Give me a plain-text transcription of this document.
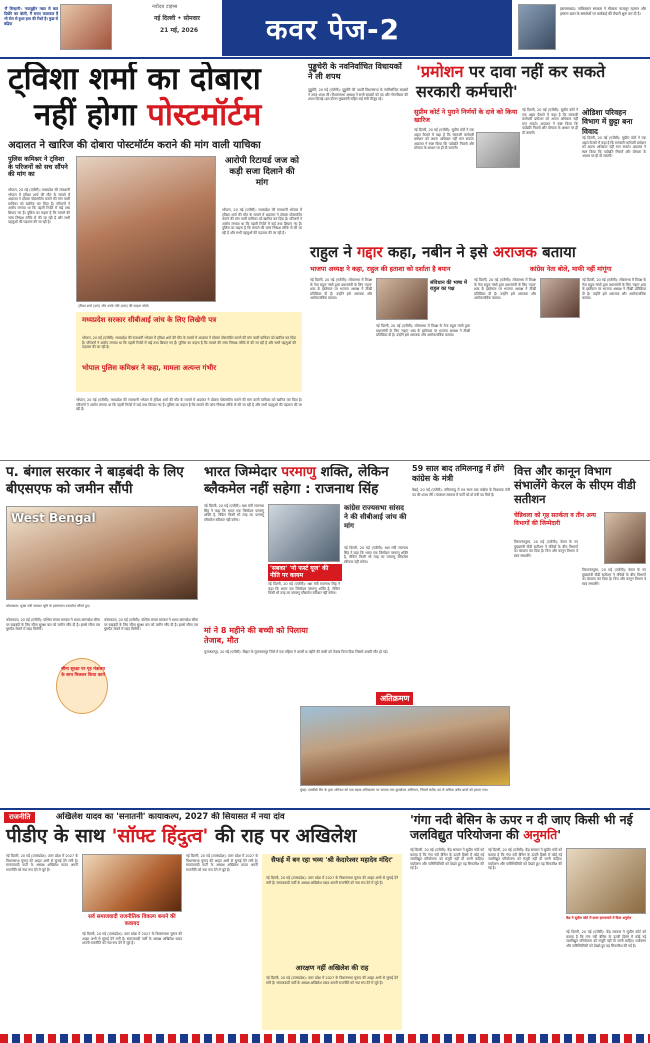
'मैं सिन्हानी': नवाजुद्दीन मन्नत से बात दिखेंगे कर बोलीं, मैं बनाए कलाकार हैं भी रोल से हुआ हाथ की रिश्ते है। कुछ से बढ़िया
नवोदय टाइम्स
नई दिल्ली • सोमवार
21 मई, 2026 कवर पेज-2
इस्लामाबाद: पाकिस्तान सरकार ने मौलाना फजलुर रहमान और इमरान खान के समर्थकों पर कार्रवाई की तैयारी शुरू कर दी है।
ट्विशा शर्मा का दोबारा
नहीं होगा पोस्टमॉर्टम
अदालत ने खारिज की दोबारा पोस्टमॉर्टम कराने की मांग वाली याचिका
पुलिस कमिश्नर ने ट्विशा के परिजनों को सच सौंपने की मांग का
भोपाल, 20 मई (एजेंसी): मध्यप्रदेश की राजधानी भोपाल में ट्विशा शर्मा की मौत के मामले में अदालत ने दोबारा पोस्टमॉर्टम कराने की मांग वाली याचिका को खारिज कर दिया है। परिजनों ने आरोप लगाया था कि पहली रिपोर्ट में कई तथ्य छिपाए गए हैं। पुलिस का कहना है कि मामले की जांच निष्पक्ष तरीके से की जा रही है और सभी पहलुओं की पड़ताल की जा रही है।
ट्विशा शर्मा (दाएं) और उनके पति (बाएं) की फाइल फोटो।
आरोपी रिटायर्ड जज को कड़ी सजा दिलाने की मांग
भोपाल, 20 मई (एजेंसी): मध्यप्रदेश की राजधानी भोपाल में ट्विशा शर्मा की मौत के मामले में अदालत ने दोबारा पोस्टमॉर्टम कराने की मांग वाली याचिका को खारिज कर दिया है। परिजनों ने आरोप लगाया था कि पहली रिपोर्ट में कई तथ्य छिपाए गए हैं। पुलिस का कहना है कि मामले की जांच निष्पक्ष तरीके से की जा रही है और सभी पहलुओं की पड़ताल की जा रही है।
मध्यप्रदेश सरकार सीबीआई जांच के लिए लिखेगी पत्र
भोपाल, 20 मई (एजेंसी): मध्यप्रदेश की राजधानी भोपाल में ट्विशा शर्मा की मौत के मामले में अदालत ने दोबारा पोस्टमॉर्टम कराने की मांग वाली याचिका को खारिज कर दिया है। परिजनों ने आरोप लगाया था कि पहली रिपोर्ट में कई तथ्य छिपाए गए हैं। पुलिस का कहना है कि मामले की जांच निष्पक्ष तरीके से की जा रही है और सभी पहलुओं की पड़ताल की जा रही है।
भोपाल पुलिस कमिश्नर ने कहा, मामला अत्यन्त गंभीर
भोपाल, 20 मई (एजेंसी): मध्यप्रदेश की राजधानी भोपाल में ट्विशा शर्मा की मौत के मामले में अदालत ने दोबारा पोस्टमॉर्टम कराने की मांग वाली याचिका को खारिज कर दिया है। परिजनों ने आरोप लगाया था कि पहली रिपोर्ट में कई तथ्य छिपाए गए हैं। पुलिस का कहना है कि मामले की जांच निष्पक्ष तरीके से की जा रही है और सभी पहलुओं की पड़ताल की जा रही है।
पुड्डुचेरी के नवनिर्वाचित विधायकों ने ली शपथ
पुड्डुचेरी, 20 मई (एजेंसी): पुड्डुचेरी की 30वीं विधानसभा के नवनिर्वाचित सदस्यों ने आज शपथ ली। विधानसभा अध्यक्ष ने सभी सदस्यों को पद और गोपनीयता की शपथ दिलाई। इस दौरान मुख्यमंत्री सहित कई मंत्री मौजूद रहे।
'प्रमोशन पर दावा नहीं कर सकते सरकारी कर्मचारी'
सुप्रीम कोर्ट ने पुराने निर्णयों के दावे को किया खारिज
नई दिल्ली, 20 मई (एजेंसी): सुप्रीम कोर्ट ने एक अहम फैसले में कहा है कि सरकारी कर्मचारी प्रमोशन को अपना अधिकार नहीं मान सकते। अदालत ने स्पष्ट किया कि पदोन्नति नियमों और योग्यता के आधार पर ही दी जाएगी।
नई दिल्ली, 20 मई (एजेंसी): सुप्रीम कोर्ट ने एक अहम फैसले में कहा है कि सरकारी कर्मचारी प्रमोशन को अपना अधिकार नहीं मान सकते। अदालत ने स्पष्ट किया कि पदोन्नति नियमों और योग्यता के आधार पर ही दी जाएगी।
ओडिशा परिवहन विभाग में छुट्टा बना विवाद
नई दिल्ली, 20 मई (एजेंसी): सुप्रीम कोर्ट ने एक अहम फैसले में कहा है कि सरकारी कर्मचारी प्रमोशन को अपना अधिकार नहीं मान सकते। अदालत ने स्पष्ट किया कि पदोन्नति नियमों और योग्यता के आधार पर ही दी जाएगी।
राहुल ने गद्दार कहा, नबीन ने इसे अराजक बताया
भाजपा अध्यक्ष ने कहा, राहुल की हताशा को दर्शाता है बयान	कांग्रेस नेता बोले, माफी नहीं मांगूंगा
नई दिल्ली, 20 मई (एजेंसी): लोकसभा में विपक्ष के नेता राहुल गांधी द्वारा प्रधानमंत्री के लिए 'गद्दार' शब्द के इस्तेमाल पर भाजपा अध्यक्ष ने तीखी प्रतिक्रिया दी है। उन्होंने इसे अराजक और अलोकतांत्रिक बताया।
संविधान की भाषा में राहुल का पक्ष
नई दिल्ली, 20 मई (एजेंसी): लोकसभा में विपक्ष के नेता राहुल गांधी द्वारा प्रधानमंत्री के लिए 'गद्दार' शब्द के इस्तेमाल पर भाजपा अध्यक्ष ने तीखी प्रतिक्रिया दी है। उन्होंने इसे अराजक और अलोकतांत्रिक बताया।
नई दिल्ली, 20 मई (एजेंसी): लोकसभा में विपक्ष के नेता राहुल गांधी द्वारा प्रधानमंत्री के लिए 'गद्दार' शब्द के इस्तेमाल पर भाजपा अध्यक्ष ने तीखी प्रतिक्रिया दी है। उन्होंने इसे अराजक और अलोकतांत्रिक बताया।
नई दिल्ली, 20 मई (एजेंसी): लोकसभा में विपक्ष के नेता राहुल गांधी द्वारा प्रधानमंत्री के लिए 'गद्दार' शब्द के इस्तेमाल पर भाजपा अध्यक्ष ने तीखी प्रतिक्रिया दी है। उन्होंने इसे अराजक और अलोकतांत्रिक बताया।
प. बंगाल सरकार ने बाड़बंदी के लिए बीएसएफ को जमीन सौंपी
West Bengal
कोलकाता: मुख्य मंत्री सरकार भूमि के हस्तांतरण दस्तावेज सौंपते हुए।
कोलकाता, 20 मई (एजेंसी): पश्चिम बंगाल सरकार ने भारत-बांग्लादेश सीमा पर बाड़बंदी के लिए सीमा सुरक्षा बल को जमीन सौंप दी है। इससे सीमा पार घुसपैठ रोकने में मदद मिलेगी।
सीमा सुरक्षा पर गृह मंत्रालय के साथ मिलकर किया कार्य
कोलकाता, 20 मई (एजेंसी): पश्चिम बंगाल सरकार ने भारत-बांग्लादेश सीमा पर बाड़बंदी के लिए सीमा सुरक्षा बल को जमीन सौंप दी है। इससे सीमा पार घुसपैठ रोकने में मदद मिलेगी।
भारत जिम्मेदार परमाणु शक्ति, लेकिन ब्लैकमेल नहीं सहेगा : राजनाथ सिंह
नई दिल्ली, 20 मई (एजेंसी): रक्षा मंत्री राजनाथ सिंह ने कहा कि भारत एक जिम्मेदार परमाणु शक्ति है, लेकिन किसी भी तरह का परमाणु ब्लैकमेल स्वीकार नहीं करेगा।
कांग्रेस राज्यसभा सांसद ने की सीबीआई जांच की मांग
नई दिल्ली, 20 मई (एजेंसी): रक्षा मंत्री राजनाथ सिंह ने कहा कि भारत एक जिम्मेदार परमाणु शक्ति है, लेकिन किसी भी तरह का परमाणु ब्लैकमेल स्वीकार नहीं करेगा।
'सबका' 'नो फर्स्ट यूज' की नीति पर कायम
नई दिल्ली, 20 मई (एजेंसी): रक्षा मंत्री राजनाथ सिंह ने कहा कि भारत एक जिम्मेदार परमाणु शक्ति है, लेकिन किसी भी तरह का परमाणु ब्लैकमेल स्वीकार नहीं करेगा।
मां ने 8 महीने की बच्ची को पिलाया तेजाब, मौत
मुजफ्फरपुर, 20 मई (एजेंसी): बिहार के मुजफ्फरपुर जिले में एक महिला ने अपनी 8 महीने की बच्ची को तेजाब पिला दिया जिससे उसकी मौत हो गई।
59 साल बाद तमिलनाडु में होंगे कांग्रेस के मंत्री
चेन्नई, 20 मई (एजेंसी): तमिलनाडु में 59 साल बाद कांग्रेस के विधायक मंत्री पद की शपथ लेंगे। गठबंधन सरकार में पार्टी को दो मंत्री पद मिले हैं।
वित्त और कानून विभाग संभालेंगे केरल के सीएम वीडी सतीशन
चेन्निथला को गृह सतर्कता व तीन अन्य विभागों की जिम्मेदारी
तिरुवनंतपुरम, 20 मई (एजेंसी): केरल के नए मुख्यमंत्री वीडी सतीशन ने मंत्रियों के बीच विभागों का बंटवारा कर दिया है। वित्त और कानून विभाग वे स्वयं संभालेंगे।
तिरुवनंतपुरम, 20 मई (एजेंसी): केरल के नए मुख्यमंत्री वीडी सतीशन ने मंत्रियों के बीच विभागों का बंटवारा कर दिया है। वित्त और कानून विभाग वे स्वयं संभालेंगे।
अतिक्रमण
मुंबई: एमसीडी टीम के द्वारा शनिवार को एक सड़क अतिक्रमण पर चलाया गया बुलडोजर अभियान, जिसमें करीब 40 से अधिक अवैध ढांचों को हटाया गया।
राजनीति	अखिलेश यादव का 'सनातनी' कायाकल्प, 2027 की सियासत में नया दांव
पीडीए के साथ 'सॉफ्ट हिंदुत्व' की राह पर अखिलेश
नई दिल्ली, 20 मई (उत्तरप्रदेश): उत्तर प्रदेश में 2027 के विधानसभा चुनाव की आहट अभी से सुनाई देने लगी है। समाजवादी पार्टी के अध्यक्ष अखिलेश यादव अपनी राजनीति को नया रूप देने में जुटे हैं।
सर्व समाजवादी राजनीतिक विकल्प बनाने की कवायद
नई दिल्ली, 20 मई (उत्तरप्रदेश): उत्तर प्रदेश में 2027 के विधानसभा चुनाव की आहट अभी से सुनाई देने लगी है। समाजवादी पार्टी के अध्यक्ष अखिलेश यादव अपनी राजनीति को नया रूप देने में जुटे हैं।
नई दिल्ली, 20 मई (उत्तरप्रदेश): उत्तर प्रदेश में 2027 के विधानसभा चुनाव की आहट अभी से सुनाई देने लगी है। समाजवादी पार्टी के अध्यक्ष अखिलेश यादव अपनी राजनीति को नया रूप देने में जुटे हैं।
सैफई में बन रहा भव्य 'श्री केदारेश्वर महादेव मंदिर'
नई दिल्ली, 20 मई (उत्तरप्रदेश): उत्तर प्रदेश में 2027 के विधानसभा चुनाव की आहट अभी से सुनाई देने लगी है। समाजवादी पार्टी के अध्यक्ष अखिलेश यादव अपनी राजनीति को नया रूप देने में जुटे हैं।
आरक्षण नहीं अखिलेश की राह
नई दिल्ली, 20 मई (उत्तरप्रदेश): उत्तर प्रदेश में 2027 के विधानसभा चुनाव की आहट अभी से सुनाई देने लगी है। समाजवादी पार्टी के अध्यक्ष अखिलेश यादव अपनी राजनीति को नया रूप देने में जुटे हैं।
'गंगा नदी बेसिन के ऊपर न दी जाए किसी भी नई जलविद्युत परियोजना की अनुमति'
नई दिल्ली, 20 मई (एजेंसी): केंद्र सरकार ने सुप्रीम कोर्ट को बताया है कि गंगा नदी बेसिन के ऊपरी हिस्से में कोई नई जलविद्युत परियोजना को मंजूरी नहीं दी जानी चाहिए। पर्यावरण और पारिस्थितिकी को देखते हुए यह सिफारिश की गई है।
नई दिल्ली, 20 मई (एजेंसी): केंद्र सरकार ने सुप्रीम कोर्ट को बताया है कि गंगा नदी बेसिन के ऊपरी हिस्से में कोई नई जलविद्युत परियोजना को मंजूरी नहीं दी जानी चाहिए। पर्यावरण और पारिस्थितिकी को देखते हुए यह सिफारिश की गई है।
केंद्र ने सुप्रीम कोर्ट में दायर हलफनामे में दिया अनुरोध
नई दिल्ली, 20 मई (एजेंसी): केंद्र सरकार ने सुप्रीम कोर्ट को बताया है कि गंगा नदी बेसिन के ऊपरी हिस्से में कोई नई जलविद्युत परियोजना को मंजूरी नहीं दी जानी चाहिए। पर्यावरण और पारिस्थितिकी को देखते हुए यह सिफारिश की गई है।
